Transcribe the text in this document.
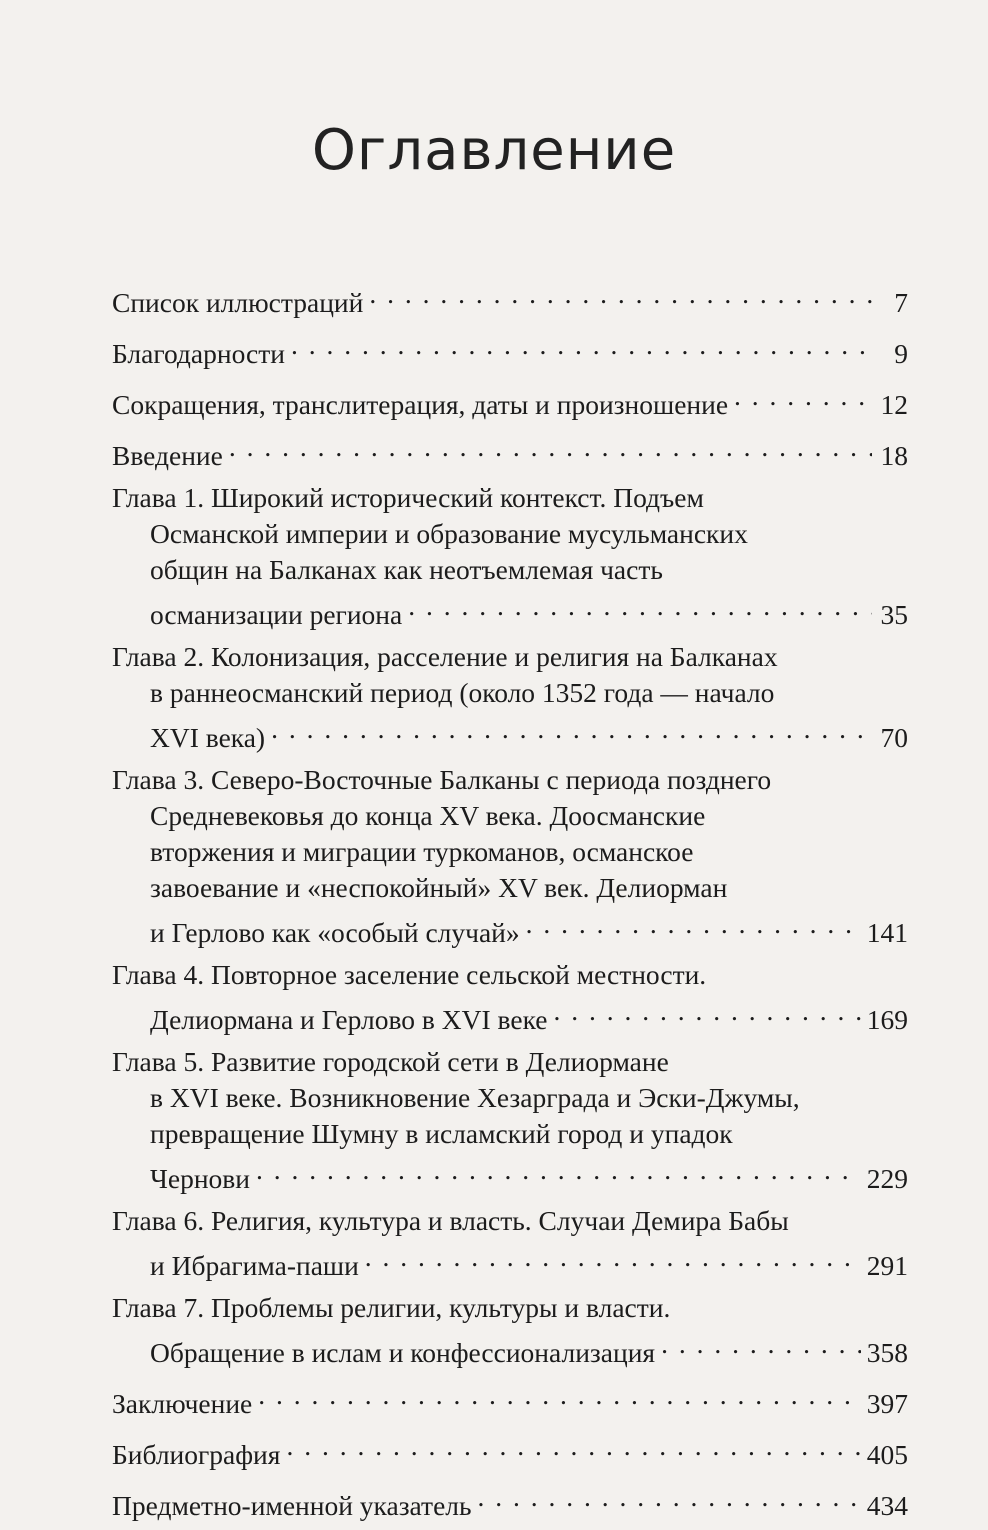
Оглавление
Список иллюстраций . . .	7
Благодарности . . .	9
Сокращения, транслитерация, даты и произношение . . .	12
Введение . . .	18
Глава 1. Широкий исторический контекст. Подъем
Османской империи и образование мусульманских
общин на Балканах как неотъемлемая часть
османизации региона . . .	35
Глава 2. Колонизация, расселение и религия на Балканах
в раннеосманский период (около 1352 года — начало
XVI века) . . .	70
Глава 3. Северо-Восточные Балканы с периода позднего
Средневековья до конца XV века. Доосманские
вторжения и миграции туркоманов, османское
завоевание и «неспокойный» XV век. Делиорман
и Герлово как «особый случай» . . .	141
Глава 4. Повторное заселение сельской местности.
Делиормана и Герлово в XVI веке . . .	169
Глава 5. Развитие городской сети в Делиормане
в XVI веке. Возникновение Хезарграда и Эски-Джумы,
превращение Шумну в исламский город и упадок
Чернови . . .	229
Глава 6. Религия, культура и власть. Случаи Демира Бабы
и Ибрагима-паши . . .	291
Глава 7. Проблемы религии, культуры и власти.
Обращение в ислам и конфессионализация . . .	358
Заключение . . .	397
Библиография . . .	405
Предметно-именной указатель . . .	434
